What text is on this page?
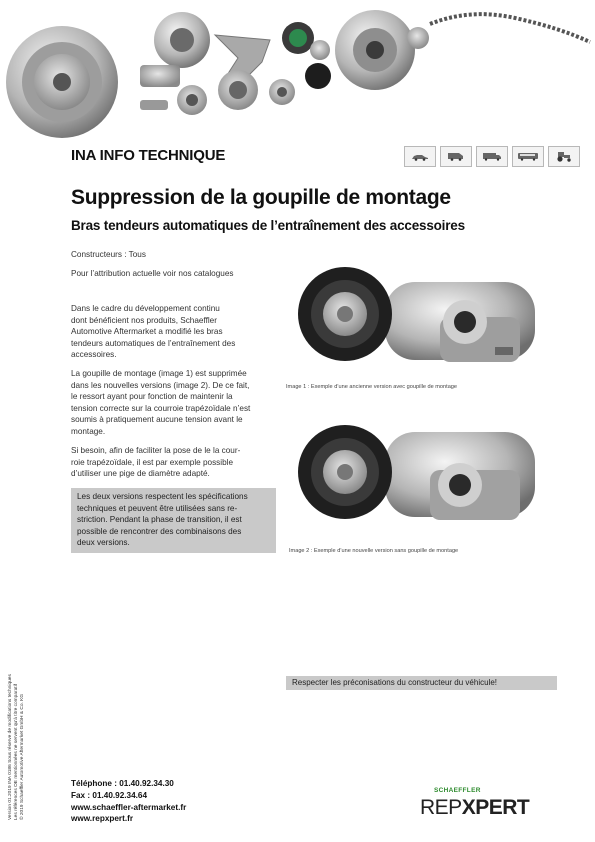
INA INFO TECHNIQUE
Suppression de la goupille de montage
Bras tendeurs automatiques de l’entraînement des accessoires
Constructeurs : Tous
Pour l’attribution actuelle voir nos catalogues
Dans le cadre du développement continu
dont bénéficient nos produits, Schaeffler
Automotive Aftermarket a modifié les bras
tendeurs automatiques de l’entraînement des
accessoires.
La goupille de montage (image 1) est supprimée
dans les nouvelles versions (image 2). De ce fait,
le ressort ayant pour fonction de maintenir la
tension correcte sur la courroie trapézoïdale n’est
soumis à pratiquement aucune tension avant le
montage.
Si besoin, afin de faciliter la pose de le la cour-
roie trapézoïdale, il est par exemple possible
d’utiliser une pige de diamètre adapté.
Les deux versions respectent les spécifications
techniques et peuvent être utilisées sans re-
striction. Pendant la phase de transition, il est
possible de rencontrer des combinaisons des
deux versions.
Image 1 : Exemple d’une ancienne version avec goupille de montage
Image 2 : Exemple d’une nouvelle version sans goupille de montage
Respecter les préconisations du constructeur du véhicule!
Version 01.2019 INA 0186 Sous réserve de modifications techniques Les références OE mentionnées ne servent qu’à titre comparatif © 2019 Schaeffler Automotive Aftermarket GmbH & Co. KG	Téléphone : 01.40.92.34.30
Fax : 01.40.92.34.64
www.schaeffler-aftermarket.fr
www.repxpert.fr
SCHAEFFLER
REPXPERT
